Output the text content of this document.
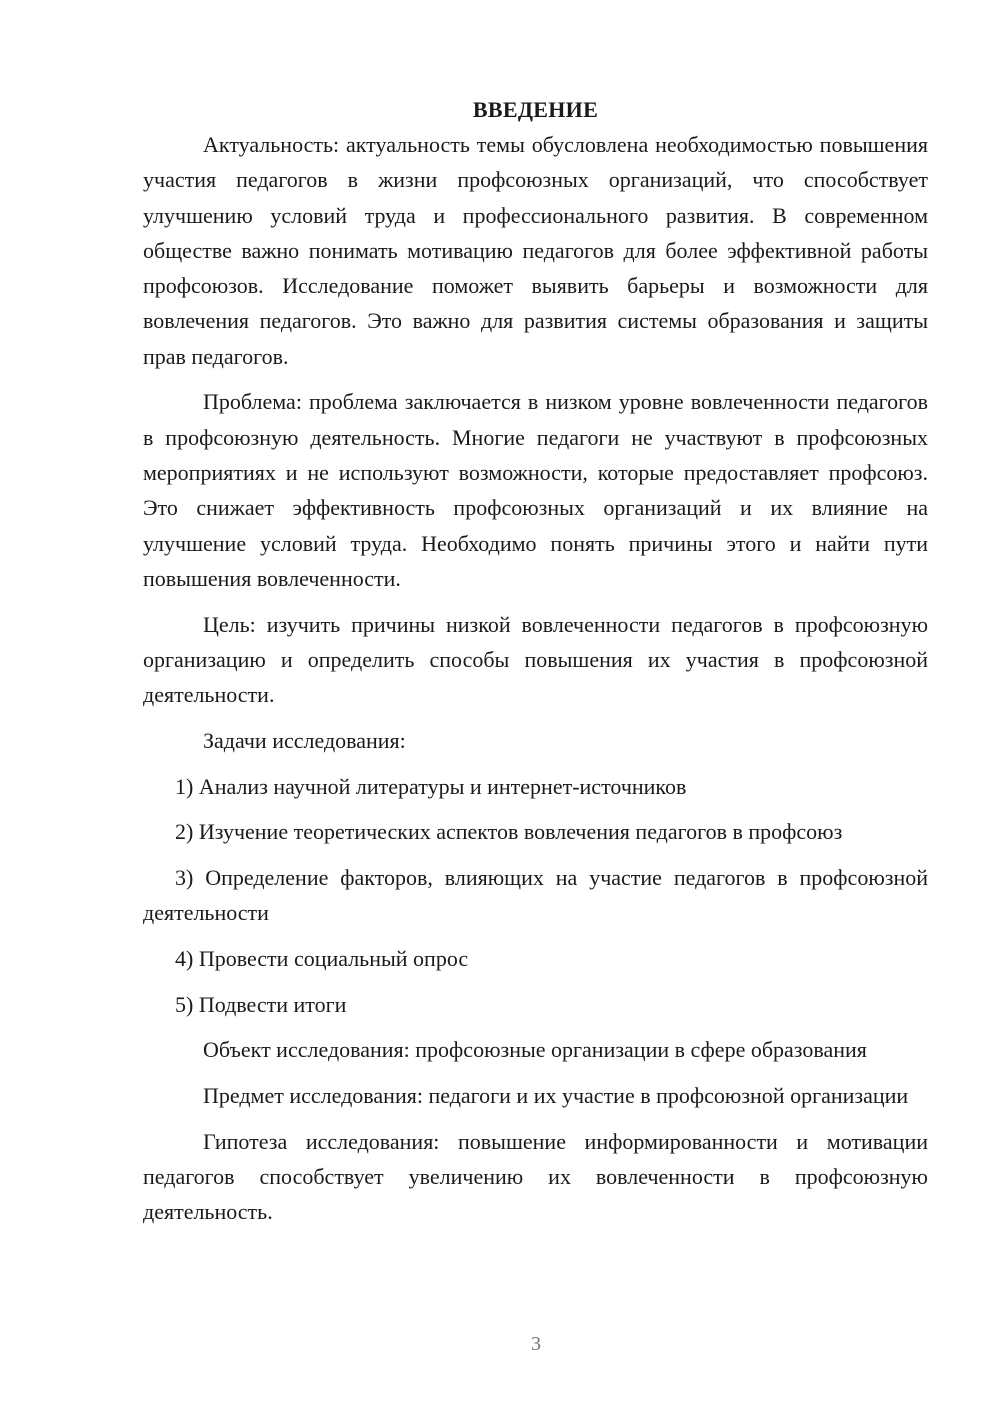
ВВЕДЕНИЕ

Актуальность: актуальность темы обусловлена необходимостью повышения участия педагогов в жизни профсоюзных организаций, что способствует улучшению условий труда и профессионального развития. В современном обществе важно понимать мотивацию педагогов для более эффективной работы профсоюзов. Исследование поможет выявить барьеры и возможности для вовлечения педагогов. Это важно для развития системы образования и защиты прав педагогов.

Проблема: проблема заключается в низком уровне вовлеченности педагогов в профсоюзную деятельность. Многие педагоги не участвуют в профсоюзных мероприятиях и не используют возможности, которые предоставляет профсоюз. Это снижает эффективность профсоюзных организаций и их влияние на улучшение условий труда. Необходимо понять причины этого и найти пути повышения вовлеченности.

Цель: изучить причины низкой вовлеченности педагогов в профсоюзную организацию и определить способы повышения их участия в профсоюзной деятельности.

Задачи исследования:

1) Анализ научной литературы и интернет-источников

2) Изучение теоретических аспектов вовлечения педагогов в профсоюз

3) Определение факторов, влияющих на участие педагогов в профсоюзной деятельности

4) Провести социальный опрос

5) Подвести итоги

Объект исследования: профсоюзные организации в сфере образования

Предмет исследования: педагоги и их участие в профсоюзной организации

Гипотеза исследования: повышение информированности и мотивации педагогов способствует увеличению их вовлеченности в профсоюзную деятельность.

3
